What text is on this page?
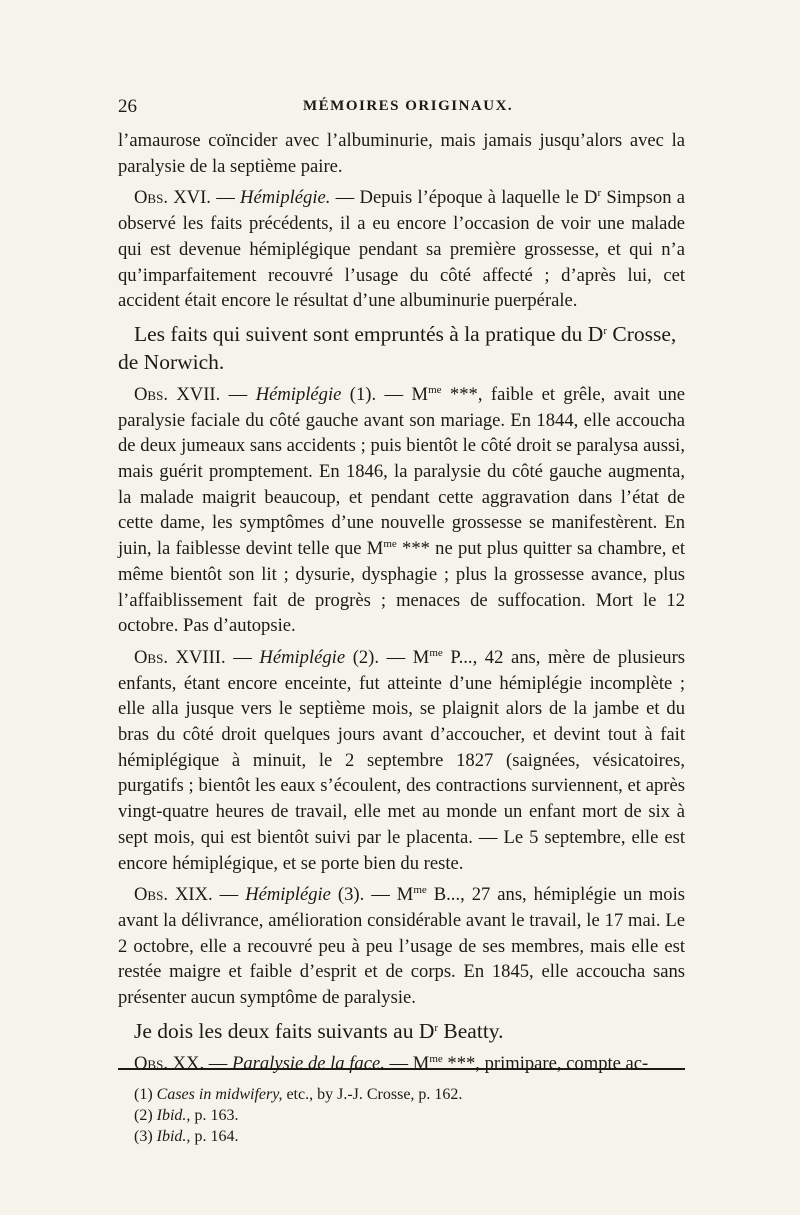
26	MÉMOIRES ORIGINAUX.

l’amaurose coïncider avec l’albuminurie, mais jamais jusqu’alors avec la paralysie de la septième paire.

Obs. XVI. — Hémiplégie. — Depuis l’époque à laquelle le $D^r$ Simpson a observé les faits précédents, il a eu encore l’occasion de voir une malade qui est devenue hémiplégique pendant sa première grossesse, et qui n’a qu’imparfaitement recouvré l’usage du côté affecté ; d’après lui, cet accident était encore le résultat d’une albuminurie puerpérale.

Les faits qui suivent sont empruntés à la pratique du $D^r$ Crosse, de Norwich.

Obs. XVII. — Hémiplégie (1). — $M^{me}$ ***, faible et grêle, avait une paralysie faciale du côté gauche avant son mariage. En 1844, elle accoucha de deux jumeaux sans accidents ; puis bientôt le côté droit se paralysa aussi, mais guérit promptement. En 1846, la paralysie du côté gauche augmenta, la malade maigrit beaucoup, et pendant cette aggravation dans l’état de cette dame, les symptômes d’une nouvelle grossesse se manifestèrent. En juin, la faiblesse devint telle que $M^{me}$ *** ne put plus quitter sa chambre, et même bientôt son lit ; dysurie, dysphagie ; plus la grossesse avance, plus l’affaiblissement fait de progrès ; menaces de suffocation. Mort le 12 octobre. Pas d’autopsie.

Obs. XVIII. — Hémiplégie (2). — $M^{me}$ P..., 42 ans, mère de plusieurs enfants, étant encore enceinte, fut atteinte d’une hémiplégie incomplète ; elle alla jusque vers le septième mois, se plaignit alors de la jambe et du bras du côté droit quelques jours avant d’accoucher, et devint tout à fait hémiplégique à minuit, le 2 septembre 1827 (saignées, vésicatoires, purgatifs ; bientôt les eaux s’écoulent, des contractions surviennent, et après vingt-quatre heures de travail, elle met au monde un enfant mort de six à sept mois, qui est bientôt suivi par le placenta. — Le 5 septembre, elle est encore hémiplégique, et se porte bien du reste.

Obs. XIX. — Hémiplégie (3). — $M^{me}$ B..., 27 ans, hémiplégie un mois avant la délivrance, amélioration considérable avant le travail, le 17 mai. Le 2 octobre, elle a recouvré peu à peu l’usage de ses membres, mais elle est restée maigre et faible d’esprit et de corps. En 1845, elle accoucha sans présenter aucun symptôme de paralysie.

Je dois les deux faits suivants au $D^r$ Beatty.

Obs. XX. — Paralysie de la face. — $M^{me}$ ***, primipare, compte ac-

(1) Cases in midwifery, etc., by J.-J. Crosse, p. 162.
(2) Ibid., p. 163.
(3) Ibid., p. 164.
